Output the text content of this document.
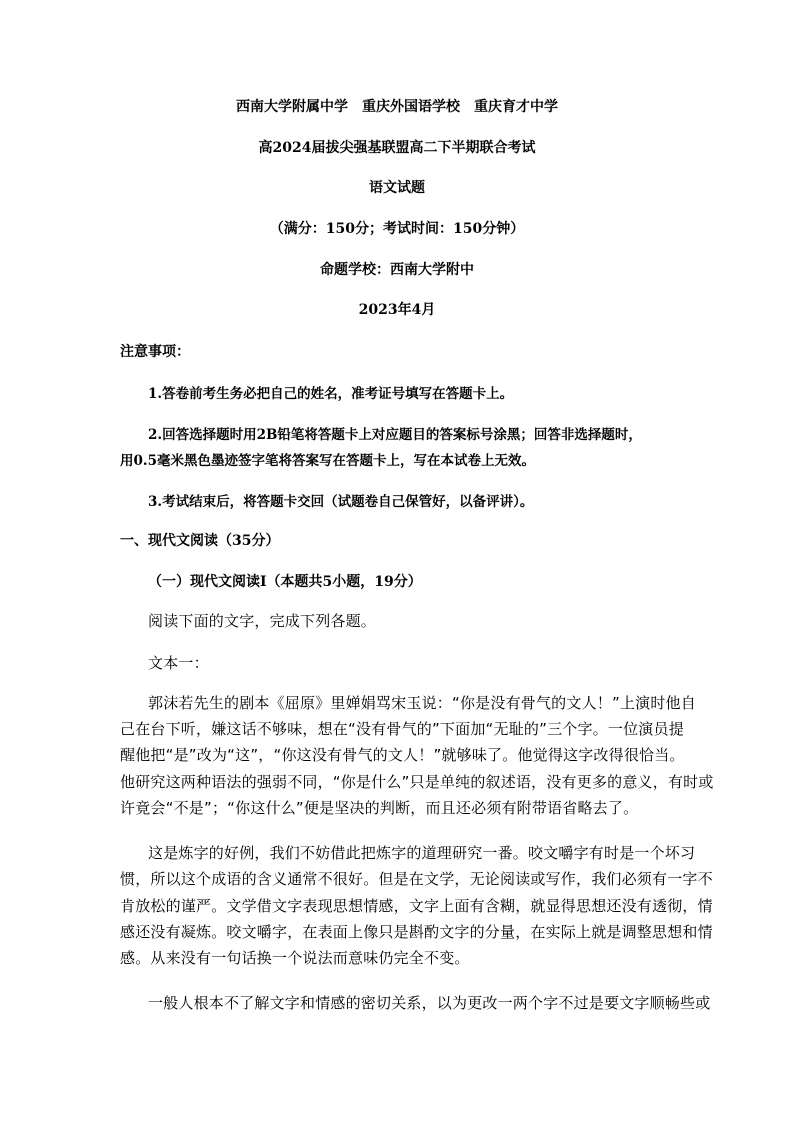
西南大学附属中学　重庆外国语学校　重庆育才中学
高2024届拔尖强基联盟高二下半期联合考试
语文试题
（满分：150分；考试时间：150分钟）
命题学校：西南大学附中
2023年4月
注意事项：
1.答卷前考生务必把自己的姓名，准考证号填写在答题卡上。
2.回答选择题时用2B铅笔将答题卡上对应题目的答案标号涂黑；回答非选择题时，
用0.5毫米黑色墨迹签字笔将答案写在答题卡上，写在本试卷上无效。
3.考试结束后，将答题卡交回（试题卷自己保管好，以备评讲）。
一、现代文阅读（35分）
（一）现代文阅读Ⅰ（本题共5小题，19分）
阅读下面的文字，完成下列各题。
文本一：
郭沫若先生的剧本《屈原》里婵娟骂宋玉说：“你是没有骨气的文人！”上演时他自
己在台下听，嫌这话不够味，想在“没有骨气的”下面加“无耻的”三个字。一位演员提
醒他把“是”改为“这”，“你这没有骨气的文人！”就够味了。他觉得这字改得很恰当。
他研究这两种语法的强弱不同，“你是什么”只是单纯的叙述语，没有更多的意义，有时或
许竟会“不是”；“你这什么”便是坚决的判断，而且还必须有附带语省略去了。
这是炼字的好例，我们不妨借此把炼字的道理研究一番。咬文嚼字有时是一个坏习
惯，所以这个成语的含义通常不很好。但是在文学，无论阅读或写作，我们必须有一字不
肯放松的谨严。文学借文字表现思想情感，文字上面有含糊，就显得思想还没有透彻，情
感还没有凝炼。咬文嚼字，在表面上像只是斟酌文字的分量，在实际上就是调整思想和情
感。从来没有一句话换一个说法而意味仍完全不变。
一般人根本不了解文字和情感的密切关系，以为更改一两个字不过是要文字顺畅些或
